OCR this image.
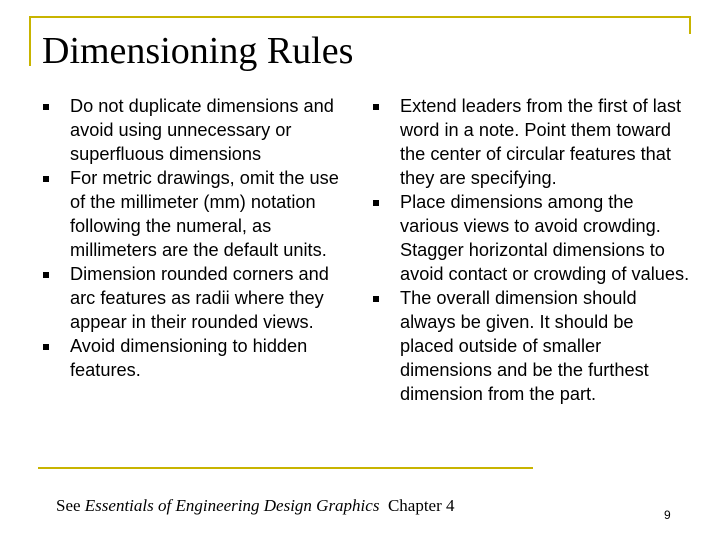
Dimensioning Rules
Do not duplicate dimensions and avoid using unnecessary or superfluous dimensions
For metric drawings, omit the use of the millimeter (mm) notation following the numeral, as millimeters are the default units.
Dimension rounded corners and arc features as radii where they appear in their rounded views.
Avoid dimensioning to hidden features.
Extend leaders from the first of last word in a note. Point them toward the center of circular features that they are specifying.
Place dimensions among the various views to avoid crowding. Stagger horizontal dimensions to avoid contact or crowding of values.
The overall dimension should always be given. It should be placed outside of smaller dimensions and be the furthest dimension from the part.
See Essentials of Engineering Design Graphics Chapter 4	9
